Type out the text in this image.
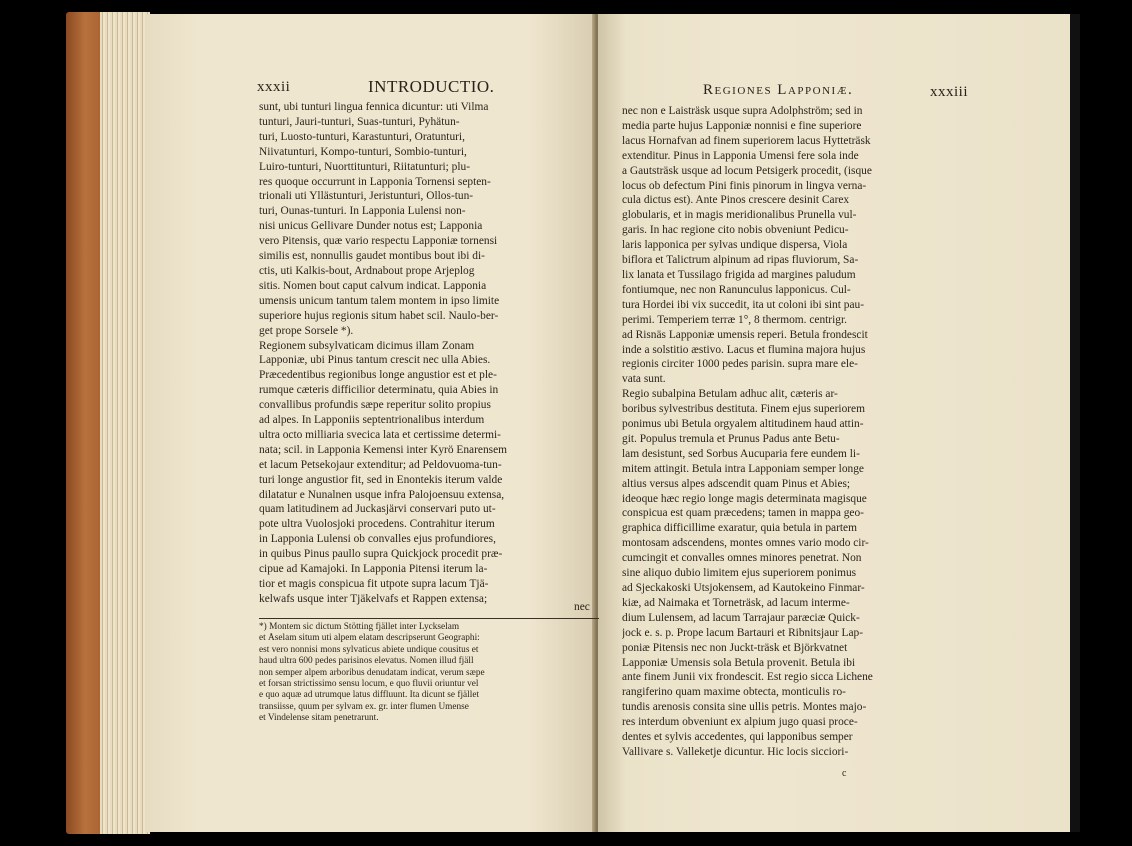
xxxii	INTRODUCTIO.
sunt, ubi tunturi lingua fennica dicuntur: uti Vilma
tunturi, Jauri-tunturi, Suas-tunturi, Pyhätun-
turi, Luosto-tunturi, Karastunturi, Oratunturi,
Niivatunturi, Kompo-tunturi, Sombio-tunturi,
Luiro-tunturi, Nuorttitunturi, Riitatunturi; plu-
res quoque occurrunt in Lapponia Tornensi septen-
trionali uti Yllästunturi, Jeristunturi, Ollos-tun-
turi, Ounas-tunturi. In Lapponia Lulensi non-
nisi unicus Gellivare Dunder notus est; Lapponia
vero Pitensis, quæ vario respectu Lapponiæ tornensi
similis est, nonnullis gaudet montibus bout ibi di-
ctis, uti Kalkis-bout, Ardnabout prope Arjeplog
sitis. Nomen bout caput calvum indicat. Lapponia
umensis unicum tantum talem montem in ipso limite
superiore hujus regionis situm habet scil. Naulo-ber-
get prope Sorsele *).
Regionem subsylvaticam dicimus illam Zonam
Lapponiæ, ubi Pinus tantum crescit nec ulla Abies.
Præcedentibus regionibus longe angustior est et ple-
rumque cæteris difficilior determinatu, quia Abies in
convallibus profundis sæpe reperitur solito propius
ad alpes. In Lapponiis septentrionalibus interdum
ultra octo milliaria svecica lata et certissime determi-
nata; scil. in Lapponia Kemensi inter Kyrö Enarensem
et lacum Petsekojaur extenditur; ad Peldovuoma-tun-
turi longe angustior fit, sed in Enontekis iterum valde
dilatatur e Nunalnen usque infra Palojoensuu extensa,
quam latitudinem ad Juckasjärvi conservari puto ut-
pote ultra Vuolosjoki procedens. Contrahitur iterum
in Lapponia Lulensi ob convalles ejus profundiores,
in quibus Pinus paullo supra Quickjock procedit præ-
cipue ad Kamajoki. In Lapponia Pitensi iterum la-
tior et magis conspicua fit utpote supra lacum Tjä-
kelwafs usque inter Tjäkelvafs et Rappen extensa;
nec
*) Montem sic dictum Stötting fjället inter Lyckselam
et Åselam situm uti alpem elatam descripserunt Geographi:
est vero nonnisi mons sylvaticus abiete undique cousitus et
haud ultra 600 pedes parisinos elevatus. Nomen illud fjäll
non semper alpem arboribus denudatam indicat, verum sæpe
et forsan strictissimo sensu locum, e quo fluvii oriuntur vel
e quo aquæ ad utrumque latus diffluunt. Ita dicunt se fjället
transiisse, quum per sylvam ex. gr. inter flumen Umense
et Vindelense sitam penetrarunt.
Regiones Lapponiæ.	xxxiii
nec non e Laisträsk usque supra Adolphström; sed in
media parte hujus Lapponiæ nonnisi e fine superiore
lacus Hornafvan ad finem superiorem lacus Hytteträsk
extenditur. Pinus in Lapponia Umensi fere sola inde
a Gautsträsk usque ad locum Petsigerk procedit, (isque
locus ob defectum Pini finis pinorum in lingva verna-
cula dictus est). Ante Pinos crescere desinit Carex
globularis, et in magis meridionalibus Prunella vul-
garis. In hac regione cito nobis obveniunt Pedicu-
laris lapponica per sylvas undique dispersa, Viola
biflora et Talictrum alpinum ad ripas fluviorum, Sa-
lix lanata et Tussilago frigida ad margines paludum
fontiumque, nec non Ranunculus lapponicus. Cul-
tura Hordei ibi vix succedit, ita ut coloni ibi sint pau-
perimi. Temperiem terræ 1°, 8 thermom. centrigr.
ad Risnäs Lapponiæ umensis reperi. Betula frondescit
inde a solstitio æstivo. Lacus et flumina majora hujus
regionis circiter 1000 pedes parisin. supra mare ele-
vata sunt.
Regio subalpina Betulam adhuc alit, cæteris ar-
boribus sylvestribus destituta. Finem ejus superiorem
ponimus ubi Betula orgyalem altitudinem haud attin-
git. Populus tremula et Prunus Padus ante Betu-
lam desistunt, sed Sorbus Aucuparia fere eundem li-
mitem attingit. Betula intra Lapponiam semper longe
altius versus alpes adscendit quam Pinus et Abies;
ideoque hæc regio longe magis determinata magisque
conspicua est quam præcedens; tamen in mappa geo-
graphica difficillime exaratur, quia betula in partem
montosam adscendens, montes omnes vario modo cir-
cumcingit et convalles omnes minores penetrat. Non
sine aliquo dubio limitem ejus superiorem ponimus
ad Sjeckakoski Utsjokensem, ad Kautokeino Finmar-
kiæ, ad Naimaka et Torneträsk, ad lacum interme-
dium Lulensem, ad lacum Tarrajaur paræciæ Quick-
jock e. s. p. Prope lacum Bartauri et Ribnitsjaur Lap-
poniæ Pitensis nec non Juckt-träsk et Björkvatnet
Lapponiæ Umensis sola Betula provenit. Betula ibi
ante finem Junii vix frondescit. Est regio sicca Lichene
rangiferino quam maxime obtecta, monticulis ro-
tundis arenosis consita sine ullis petris. Montes majo-
res interdum obveniunt ex alpium jugo quasi proce-
dentes et sylvis accedentes, qui lapponibus semper
Vallivare s. Valleketje dicuntur. Hic locis sicciori-
c
